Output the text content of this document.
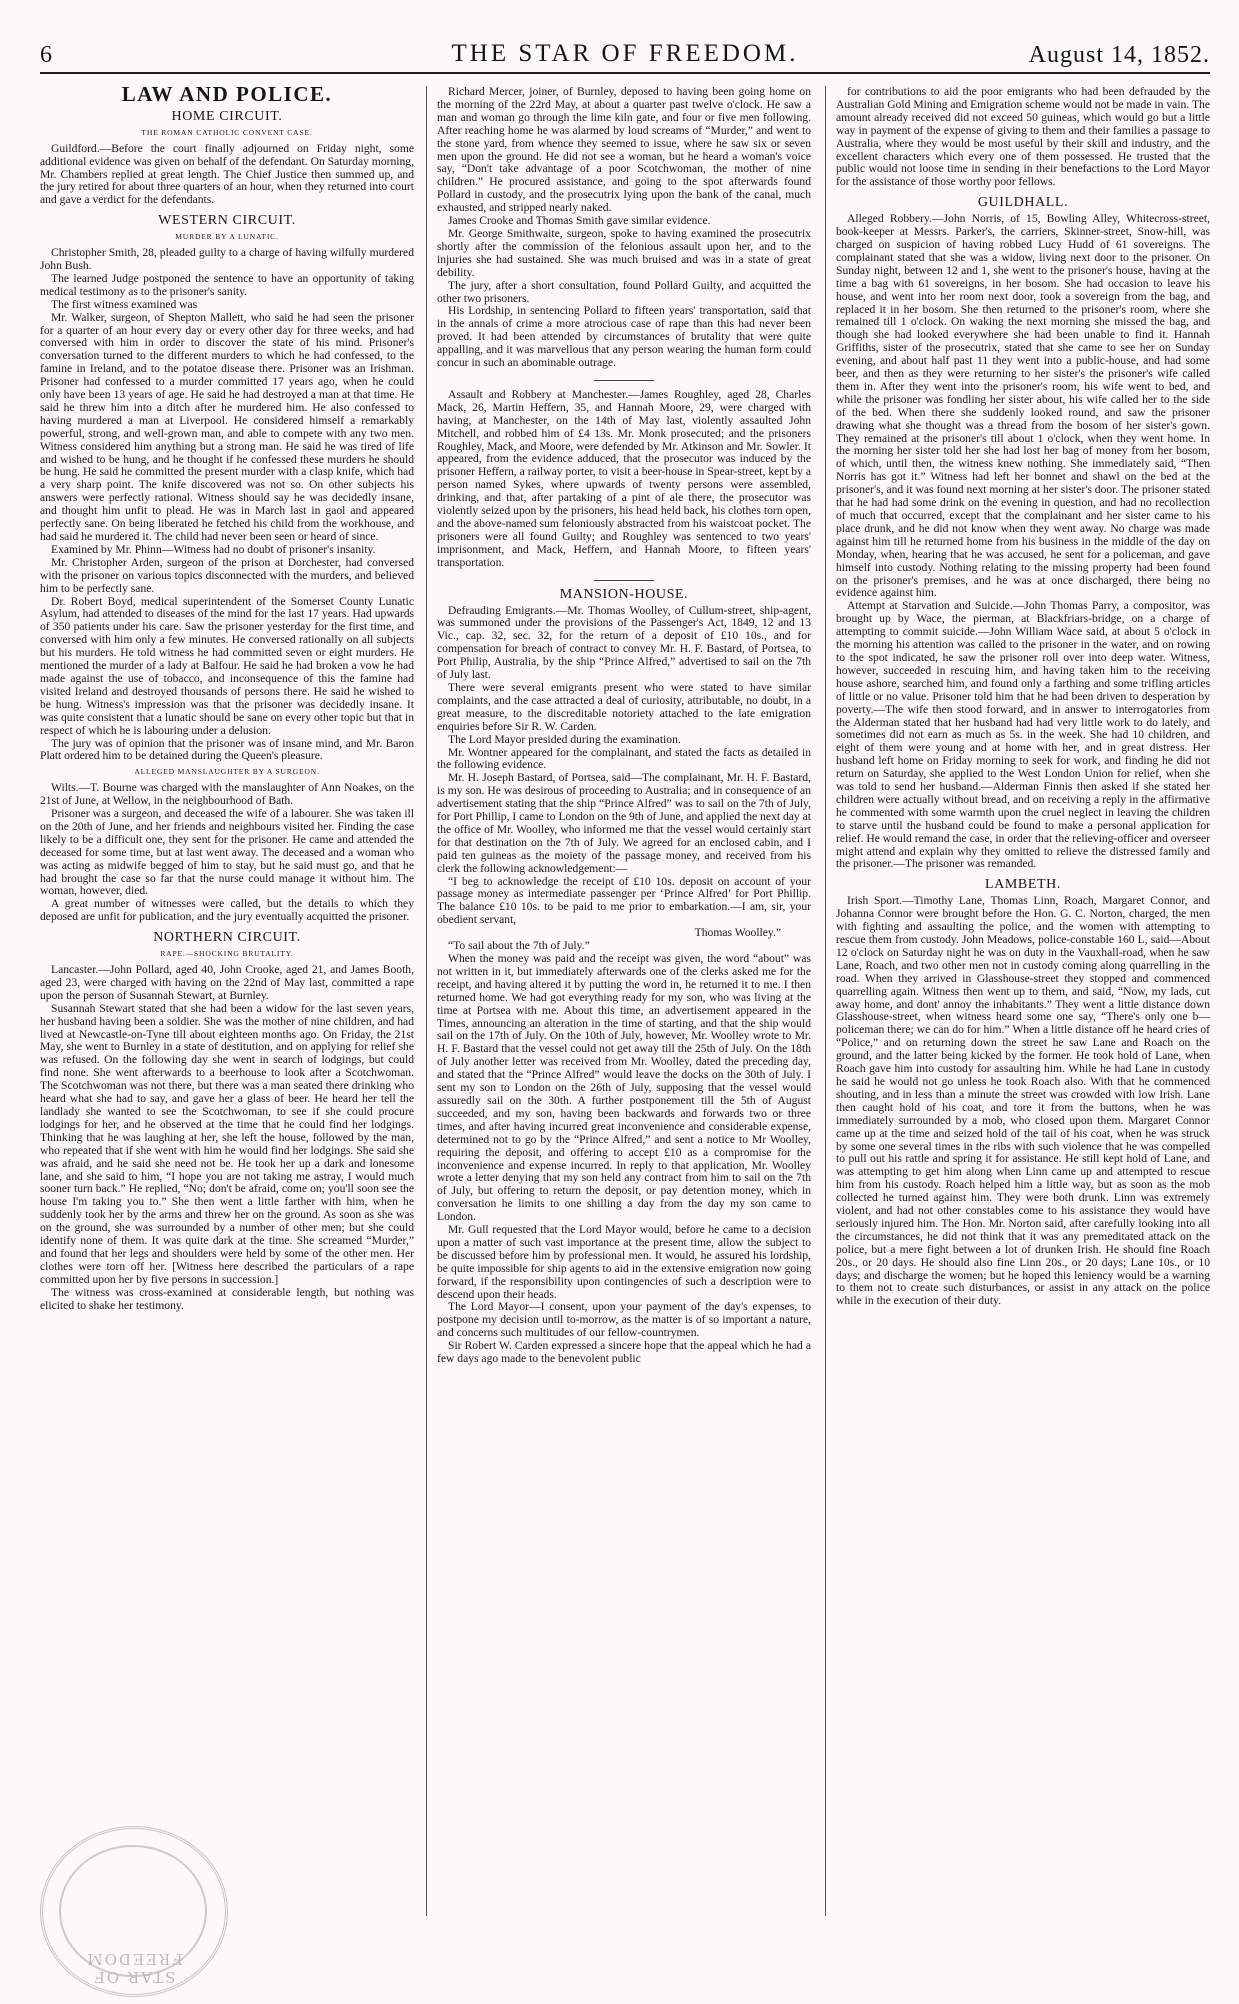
6	THE STAR OF FREEDOM.	August 14, 1852.
LAW AND POLICE.
HOME CIRCUIT.
THE ROMAN CATHOLIC CONVENT CASE.

Guildford.—Before the court finally adjourned on Friday night, some additional evidence was given on behalf of the defendant. On Saturday morning, Mr. Chambers replied at great length. The Chief Justice then summed up, and the jury retired for about three quarters of an hour, when they returned into court and gave a verdict for the defendants.

WESTERN CIRCUIT.
MURDER BY A LUNATIC.

Christopher Smith, 28, pleaded guilty to a charge of having wilfully murdered John Bush.

The learned Judge postponed the sentence to have an opportunity of taking medical testimony as to the prisoner's sanity.

The first witness examined was

Mr. Walker, surgeon, of Shepton Mallett, who said he had seen the prisoner for a quarter of an hour every day or every other day for three weeks, and had conversed with him in order to discover the state of his mind. Prisoner's conversation turned to the different murders to which he had confessed, to the famine in Ireland, and to the potatoe disease there. Prisoner was an Irishman. Prisoner had confessed to a murder committed 17 years ago, when he could only have been 13 years of age. He said he had destroyed a man at that time. He said he threw him into a ditch after he murdered him. He also confessed to having murdered a man at Liverpool. He considered himself a remarkably powerful, strong, and well-grown man, and able to compete with any two men. Witness considered him anything but a strong man. He said he was tired of life and wished to be hung, and he thought if he confessed these murders he should be hung. He said he committed the present murder with a clasp knife, which had a very sharp point. The knife discovered was not so. On other subjects his answers were perfectly rational. Witness should say he was decidedly insane, and thought him unfit to plead. He was in March last in gaol and appeared perfectly sane. On being liberated he fetched his child from the workhouse, and had said he murdered it. The child had never been seen or heard of since.

Examined by Mr. Phinn—Witness had no doubt of prisoner's insanity.

Mr. Christopher Arden, surgeon of the prison at Dorchester, had conversed with the prisoner on various topics disconnected with the murders, and believed him to be perfectly sane.

Dr. Robert Boyd, medical superintendent of the Somerset County Lunatic Asylum, had attended to diseases of the mind for the last 17 years. Had upwards of 350 patients under his care. Saw the prisoner yesterday for the first time, and conversed with him only a few minutes. He conversed rationally on all subjects but his murders. He told witness he had committed seven or eight murders. He mentioned the murder of a lady at Balfour. He said he had broken a vow he had made against the use of tobacco, and inconsequence of this the famine had visited Ireland and destroyed thousands of persons there. He said he wished to be hung. Witness's impression was that the prisoner was decidedly insane. It was quite consistent that a lunatic should be sane on every other topic but that in respect of which he is labouring under a delusion.

The jury was of opinion that the prisoner was of insane mind, and Mr. Baron Platt ordered him to be detained during the Queen's pleasure.

ALLEGED MANSLAUGHTER BY A SURGEON.

Wilts.—T. Bourne was charged with the manslaughter of Ann Noakes, on the 21st of June, at Wellow, in the neighbourhood of Bath.

Prisoner was a surgeon, and deceased the wife of a labourer. She was taken ill on the 20th of June, and her friends and neighbours visited her. Finding the case likely to be a difficult one, they sent for the prisoner. He came and attended the deceased for some time, but at last went away. The deceased and a woman who was acting as midwife begged of him to stay, but he said must go, and that he had brought the case so far that the nurse could manage it without him. The woman, however, died.

A great number of witnesses were called, but the details to which they deposed are unfit for publication, and the jury eventually acquitted the prisoner.

NORTHERN CIRCUIT.
RAPE.—SHOCKING BRUTALITY.

Lancaster.—John Pollard, aged 40, John Crooke, aged 21, and James Booth, aged 23, were charged with having on the 22nd of May last, committed a rape upon the person of Susannah Stewart, at Burnley.

Susannah Stewart stated that she had been a widow for the last seven years, her husband having been a soldier. She was the mother of nine children, and had lived at Newcastle-on-Tyne till about eighteen months ago. On Friday, the 21st May, she went to Burnley in a state of destitution, and on applying for relief she was refused. On the following day she went in search of lodgings, but could find none. She went afterwards to a beerhouse to look after a Scotchwoman. The Scotchwoman was not there, but there was a man seated there drinking who heard what she had to say, and gave her a glass of beer. He heard her tell the landlady she wanted to see the Scotchwoman, to see if she could procure lodgings for her, and he observed at the time that he could find her lodgings. Thinking that he was laughing at her, she left the house, followed by the man, who repeated that if she went with him he would find her lodgings. She said she was afraid, and he said she need not be. He took her up a dark and lonesome lane, and she said to him, “I hope you are not taking me astray, I would much sooner turn back.” He replied, “No; don't be afraid, come on; you'll soon see the house I'm taking you to.” She then went a little farther with him, when he suddenly took her by the arms and threw her on the ground. As soon as she was on the ground, she was surrounded by a number of other men; but she could identify none of them. It was quite dark at the time. She screamed “Murder,” and found that her legs and shoulders were held by some of the other men. Her clothes were torn off her. [Witness here described the particulars of a rape committed upon her by five persons in succession.]

The witness was cross-examined at considerable length, but nothing was elicited to shake her testimony.

Richard Mercer, joiner, of Burnley, deposed to having been going home on the morning of the 22rd May, at about a quarter past twelve o'clock. He saw a man and woman go through the lime kiln gate, and four or five men following. After reaching home he was alarmed by loud screams of “Murder,” and went to the stone yard, from whence they seemed to issue, where he saw six or seven men upon the ground. He did not see a woman, but he heard a woman's voice say, “Don't take advantage of a poor Scotchwoman, the mother of nine children.” He procured assistance, and going to the spot afterwards found Pollard in custody, and the prosecutrix lying upon the bank of the canal, much exhausted, and stripped nearly naked.

James Crooke and Thomas Smith gave similar evidence.

Mr. George Smithwaite, surgeon, spoke to having examined the prosecutrix shortly after the commission of the felonious assault upon her, and to the injuries she had sustained. She was much bruised and was in a state of great debility.

The jury, after a short consultation, found Pollard Guilty, and acquitted the other two prisoners.

His Lordship, in sentencing Pollard to fifteen years' transportation, said that in the annals of crime a more atrocious case of rape than this had never been proved. It had been attended by circumstances of brutality that were quite appalling, and it was marvellous that any person wearing the human form could concur in such an abominable outrage.

Assault and Robbery at Manchester.—James Roughley, aged 28, Charles Mack, 26, Martin Heffern, 35, and Hannah Moore, 29, were charged with having, at Manchester, on the 14th of May last, violently assaulted John Mitchell, and robbed him of £4 13s. Mr. Monk prosecuted; and the prisoners Roughley, Mack, and Moore, were defended by Mr. Atkinson and Mr. Sowler. It appeared, from the evidence adduced, that the prosecutor was induced by the prisoner Heffern, a railway porter, to visit a beer-house in Spear-street, kept by a person named Sykes, where upwards of twenty persons were assembled, drinking, and that, after partaking of a pint of ale there, the prosecutor was violently seized upon by the prisoners, his head held back, his clothes torn open, and the above-named sum feloniously abstracted from his waistcoat pocket. The prisoners were all found Guilty; and Roughley was sentenced to two years' imprisonment, and Mack, Heffern, and Hannah Moore, to fifteen years' transportation.

MANSION-HOUSE.

Defrauding Emigrants.—Mr. Thomas Woolley, of Cullum-street, ship-agent, was summoned under the provisions of the Passenger's Act, 1849, 12 and 13 Vic., cap. 32, sec. 32, for the return of a deposit of £10 10s., and for compensation for breach of contract to convey Mr. H. F. Bastard, of Portsea, to Port Philip, Australia, by the ship “Prince Alfred,” advertised to sail on the 7th of July last.

There were several emigrants present who were stated to have similar complaints, and the case attracted a deal of curiosity, attributable, no doubt, in a great measure, to the discreditable notoriety attached to the late emigration enquiries before Sir R. W. Carden.

The Lord Mayor presided during the examination.

Mr. Wontner appeared for the complainant, and stated the facts as detailed in the following evidence.

Mr. H. Joseph Bastard, of Portsea, said—The complainant, Mr. H. F. Bastard, is my son. He was desirous of proceeding to Australia; and in consequence of an advertisement stating that the ship “Prince Alfred” was to sail on the 7th of July, for Port Phillip, I came to London on the 9th of June, and applied the next day at the office of Mr. Woolley, who informed me that the vessel would certainly start for that destination on the 7th of July. We agreed for an enclosed cabin, and I paid ten guineas as the moiety of the passage money, and received from his clerk the following acknowledgement:—

“I beg to acknowledge the receipt of £10 10s. deposit on account of your passage money as intermediate passenger per ‘Prince Alfred’ for Port Phillip. The balance £10 10s. to be paid to me prior to embarkation.—I am, sir, your obedient servant,

Thomas Woolley.”

“To sail about the 7th of July.”

When the money was paid and the receipt was given, the word “about” was not written in it, but immediately afterwards one of the clerks asked me for the receipt, and having altered it by putting the word in, he returned it to me. I then returned home. We had got everything ready for my son, who was living at the time at Portsea with me. About this time, an advertisement appeared in the Times, announcing an alteration in the time of starting, and that the ship would sail on the 17th of July. On the 10th of July, however, Mr. Woolley wrote to Mr. H. F. Bastard that the vessel could not get away till the 25th of July. On the 18th of July another letter was received from Mr. Woolley, dated the preceding day, and stated that the “Prince Alfred” would leave the docks on the 30th of July. I sent my son to London on the 26th of July, supposing that the vessel would assuredly sail on the 30th. A further postponement till the 5th of August succeeded, and my son, having been backwards and forwards two or three times, and after having incurred great inconvenience and considerable expense, determined not to go by the “Prince Alfred,” and sent a notice to Mr Woolley, requiring the deposit, and offering to accept £10 as a compromise for the inconvenience and expense incurred. In reply to that application, Mr. Woolley wrote a letter denying that my son held any contract from him to sail on the 7th of July, but offering to return the deposit, or pay detention money, which in conversation he limits to one shilling a day from the day my son came to London.

Mr. Gull requested that the Lord Mayor would, before he came to a decision upon a matter of such vast importance at the present time, allow the subject to be discussed before him by professional men. It would, he assured his lordship, be quite impossible for ship agents to aid in the extensive emigration now going forward, if the responsibility upon contingencies of such a description were to descend upon their heads.

The Lord Mayor—I consent, upon your payment of the day's expenses, to postpone my decision until to-morrow, as the matter is of so important a nature, and concerns such multitudes of our fellow-countrymen.

Sir Robert W. Carden expressed a sincere hope that the appeal which he had a few days ago made to the benevolent public

for contributions to aid the poor emigrants who had been defrauded by the Australian Gold Mining and Emigration scheme would not be made in vain. The amount already received did not exceed 50 guineas, which would go but a little way in payment of the expense of giving to them and their families a passage to Australia, where they would be most useful by their skill and industry, and the excellent characters which every one of them possessed. He trusted that the public would not loose time in sending in their benefactions to the Lord Mayor for the assistance of those worthy poor fellows.

GUILDHALL.

Alleged Robbery.—John Norris, of 15, Bowling Alley, Whitecross-street, book-keeper at Messrs. Parker's, the carriers, Skinner-street, Snow-hill, was charged on suspicion of having robbed Lucy Hudd of 61 sovereigns. The complainant stated that she was a widow, living next door to the prisoner. On Sunday night, between 12 and 1, she went to the prisoner's house, having at the time a bag with 61 sovereigns, in her bosom. She had occasion to leave his house, and went into her room next door, took a sovereign from the bag, and replaced it in her bosom. She then returned to the prisoner's room, where she remained till 1 o'clock. On waking the next morning she missed the bag, and though she had looked everywhere she had been unable to find it. Hannah Griffiths, sister of the prosecutrix, stated that she came to see her on Sunday evening, and about half past 11 they went into a public-house, and had some beer, and then as they were returning to her sister's the prisoner's wife called them in. After they went into the prisoner's room, his wife went to bed, and while the prisoner was fondling her sister about, his wife called her to the side of the bed. When there she suddenly looked round, and saw the prisoner drawing what she thought was a thread from the bosom of her sister's gown. They remained at the prisoner's till about 1 o'clock, when they went home. In the morning her sister told her she had lost her bag of money from her bosom, of which, until then, the witness knew nothing. She immediately said, “Then Norris has got it.” Witness had left her bonnet and shawl on the bed at the prisoner's, and it was found next morning at her sister's door. The prisoner stated that he had had some drink on the evening in question, and had no recollection of much that occurred, except that the complainant and her sister came to his place drunk, and he did not know when they went away. No charge was made against him till he returned home from his business in the middle of the day on Monday, when, hearing that he was accused, he sent for a policeman, and gave himself into custody. Nothing relating to the missing property had been found on the prisoner's premises, and he was at once discharged, there being no evidence against him.

Attempt at Starvation and Suicide.—John Thomas Parry, a compositor, was brought up by Wace, the pierman, at Blackfriars-bridge, on a charge of attempting to commit suicide.—John William Wace said, at about 5 o'clock in the morning his attention was called to the prisoner in the water, and on rowing to the spot indicated, he saw the prisoner roll over into deep water. Witness, however, succeeded in rescuing him, and having taken him to the receiving house ashore, searched him, and found only a farthing and some trifling articles of little or no value. Prisoner told him that he had been driven to desperation by poverty.—The wife then stood forward, and in answer to interrogatories from the Alderman stated that her husband had had very little work to do lately, and sometimes did not earn as much as 5s. in the week. She had 10 children, and eight of them were young and at home with her, and in great distress. Her husband left home on Friday morning to seek for work, and finding he did not return on Saturday, she applied to the West London Union for relief, when she was told to send her husband.—Alderman Finnis then asked if she stated her children were actually without bread, and on receiving a reply in the affirmative he commented with some warmth upon the cruel neglect in leaving the children to starve until the husband could be found to make a personal application for relief. He would remand the case, in order that the relieving-officer and overseer might attend and explain why they omitted to relieve the distressed family and the prisoner.—The prisoner was remanded.

LAMBETH.

Irish Sport.—Timothy Lane, Thomas Linn, Roach, Margaret Connor, and Johanna Connor were brought before the Hon. G. C. Norton, charged, the men with fighting and assaulting the police, and the women with attempting to rescue them from custody. John Meadows, police-constable 160 L, said—About 12 o'clock on Saturday night he was on duty in the Vauxhall-road, when he saw Lane, Roach, and two other men not in custody coming along quarrelling in the road. When they arrived in Glasshouse-street they stopped and commenced quarrelling again. Witness then went up to them, and said, “Now, my lads, cut away home, and dont' annoy the inhabitants.” They went a little distance down Glasshouse-street, when witness heard some one say, “There's only one b— policeman there; we can do for him.” When a little distance off he heard cries of “Police,” and on returning down the street he saw Lane and Roach on the ground, and the latter being kicked by the former. He took hold of Lane, when Roach gave him into custody for assaulting him. While he had Lane in custody he said he would not go unless he took Roach also. With that he commenced shouting, and in less than a minute the street was crowded with low Irish. Lane then caught hold of his coat, and tore it from the buttons, when he was immediately surrounded by a mob, who closed upon them. Margaret Connor came up at the time and seized hold of the tail of his coat, when he was struck by some one several times in the ribs with such violence that he was compelled to pull out his rattle and spring it for assistance. He still kept hold of Lane, and was attempting to get him along when Linn came up and attempted to rescue him from his custody. Roach helped him a little way, but as soon as the mob collected he turned against him. They were both drunk. Linn was extremely violent, and had not other constables come to his assistance they would have seriously injured him. The Hon. Mr. Norton said, after carefully looking into all the circumstances, he did not think that it was any premeditated attack on the police, but a mere fight between a lot of drunken Irish. He should fine Roach 20s., or 20 days. He should also fine Linn 20s., or 20 days; Lane 10s., or 10 days; and discharge the women; but he hoped this leniency would be a warning to them not to create such disturbances, or assist in any attack on the police while in the execution of their duty.

STAR OF FREEDOM
